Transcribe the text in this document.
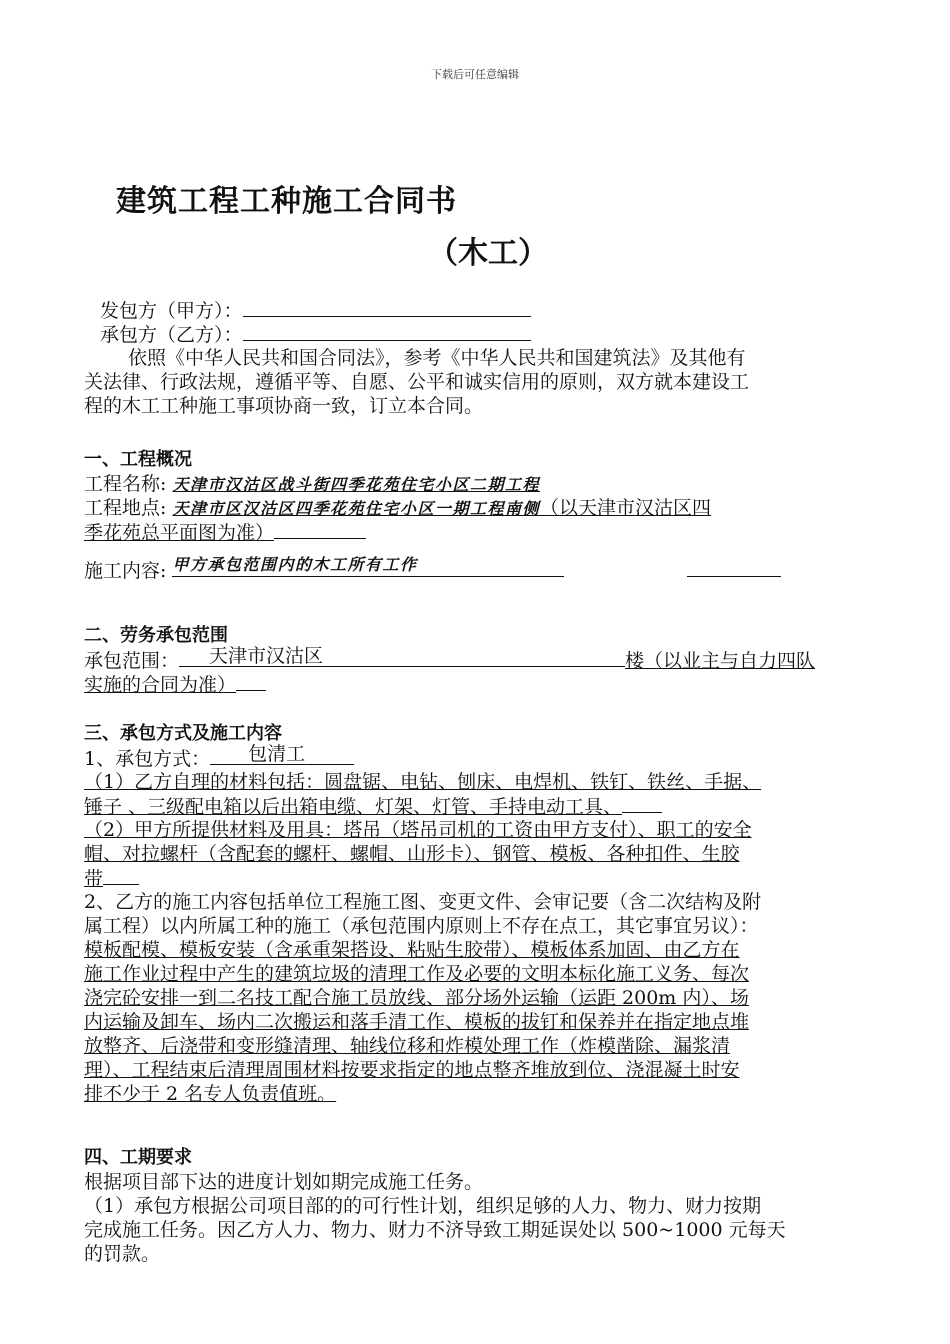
下载后可任意编辑
建筑工程工种施工合同书
（木工）
发包方（甲方）：
承包方（乙方）：
依照《中华人民共和国合同法》，参考《中华人民共和国建筑法》及其他有
关法律、行政法规，遵循平等、自愿、公平和诚实信用的原则，双方就本建设工
程的木工工种施工事项协商一致，订立本合同。
一、工程概况
工程名称: 天津市汉沽区战斗街四季花苑住宅小区二期工程
工程地点: 天津市区汉沽区四季花苑住宅小区一期工程南侧（以天津市汉沽区四
季花苑总平面图为准）
施工内容: 甲方承包范围内的木工所有工作

二、劳务承包范围
承包范围： 天津市汉沽区	楼（以业主与自力四队
实施的合同为准）
三、承包方式及施工内容
1、承包方式： 包清工
（1）乙方自理的材料包括：圆盘锯、电钻、刨床、电焊机、铁钉、铁丝、手据、
锤子 、三级配电箱以后出箱电缆、灯架、灯管、手持电动工具、
（2）甲方所提供材料及用具：塔吊（塔吊司机的工资由甲方支付）、职工的安全
帽、对拉螺杆（含配套的螺杆、螺帽、山形卡）、钢管、模板、各种扣件、生胶
带
2、乙方的施工内容包括单位工程施工图、变更文件、会审记要（含二次结构及附
属工程）以内所属工种的施工（承包范围内原则上不存在点工，其它事宜另议）：
模板配模、模板安装（含承重架搭设、粘贴生胶带）、模板体系加固、由乙方在
施工作业过程中产生的建筑垃圾的清理工作及必要的文明本标化施工义务、每次
浇完砼安排一到二名技工配合施工员放线、部分场外运输（运距 200m 内）、场
内运输及卸车、场内二次搬运和落手清工作、模板的拔钉和保养并在指定地点堆
放整齐、后浇带和变形缝清理、轴线位移和炸模处理工作（炸模凿除、漏浆清
理）、工程结束后清理周围材料按要求指定的地点整齐堆放到位、浇混凝土时安
排不少于 2 名专人负责值班。
四、工期要求
根据项目部下达的进度计划如期完成施工任务。
（1）承包方根据公司项目部的的可行性计划，组织足够的人力、物力、财力按期
完成施工任务。因乙方人力、物力、财力不济导致工期延误处以 500~1000 元每天
的罚款。
